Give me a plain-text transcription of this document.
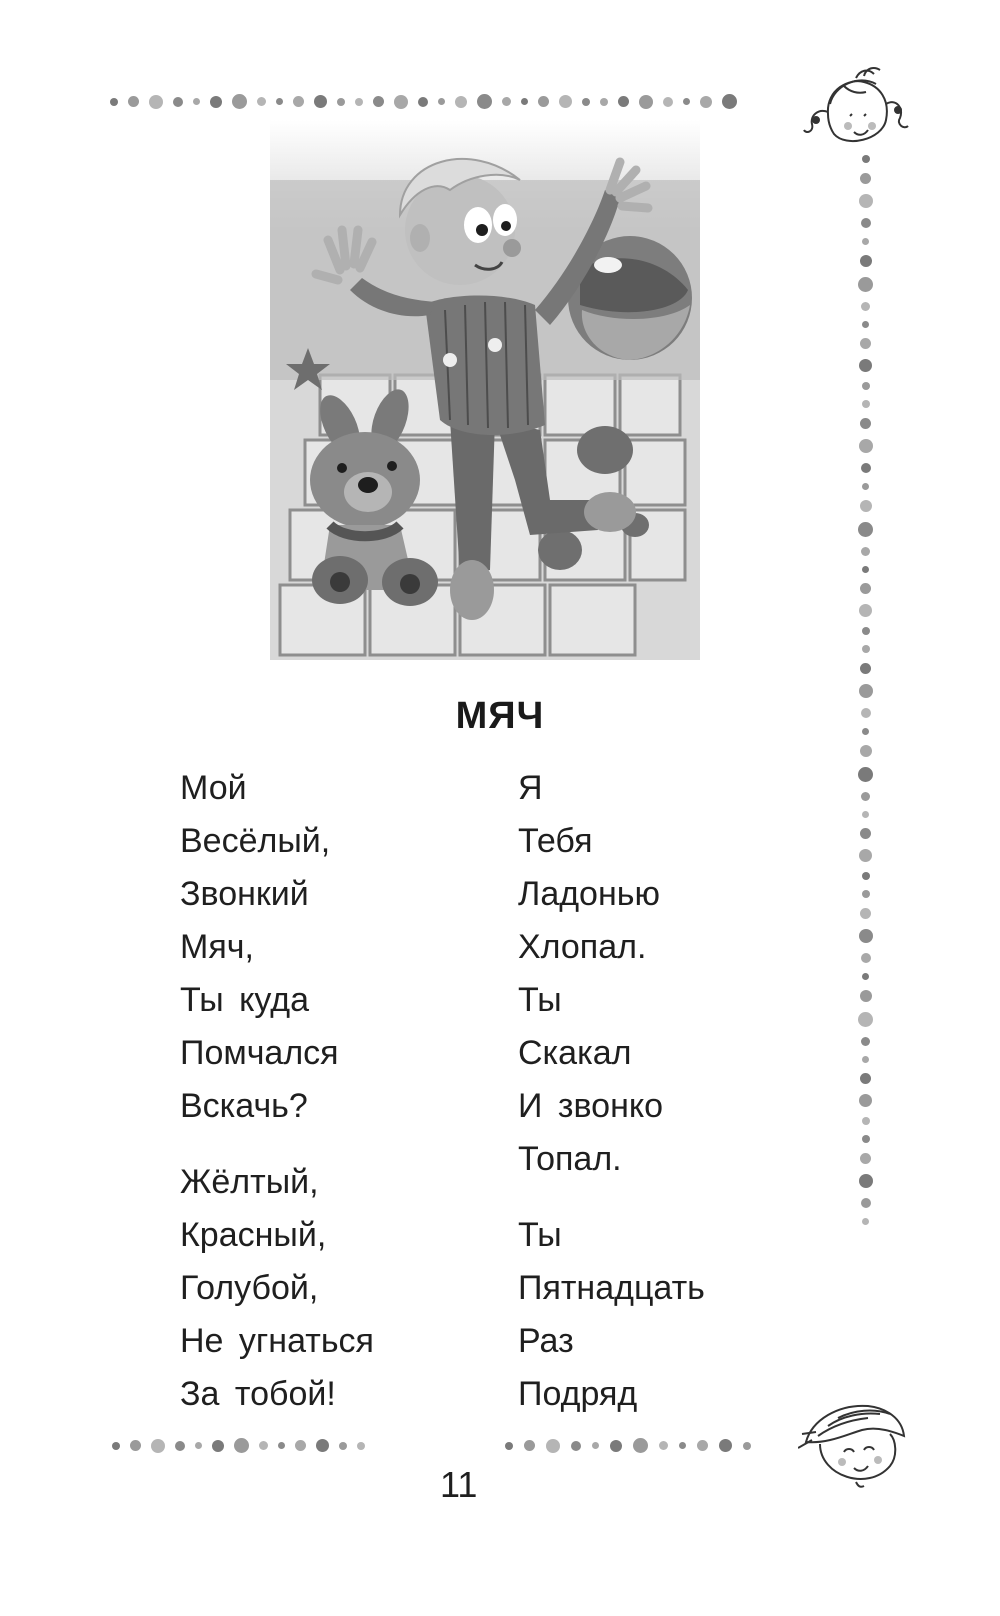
МЯЧ
Мой
Весёлый,
Звонкий
Мяч,
Ты куда
Помчался
Вскачь?
Жёлтый,
Красный,
Голубой,
Не угнаться
За тобой!
Я
Тебя
Ладонью
Хлопал.
Ты
Скакал
И звонко
Топал.
Ты
Пятнадцать
Раз
Подряд
11
